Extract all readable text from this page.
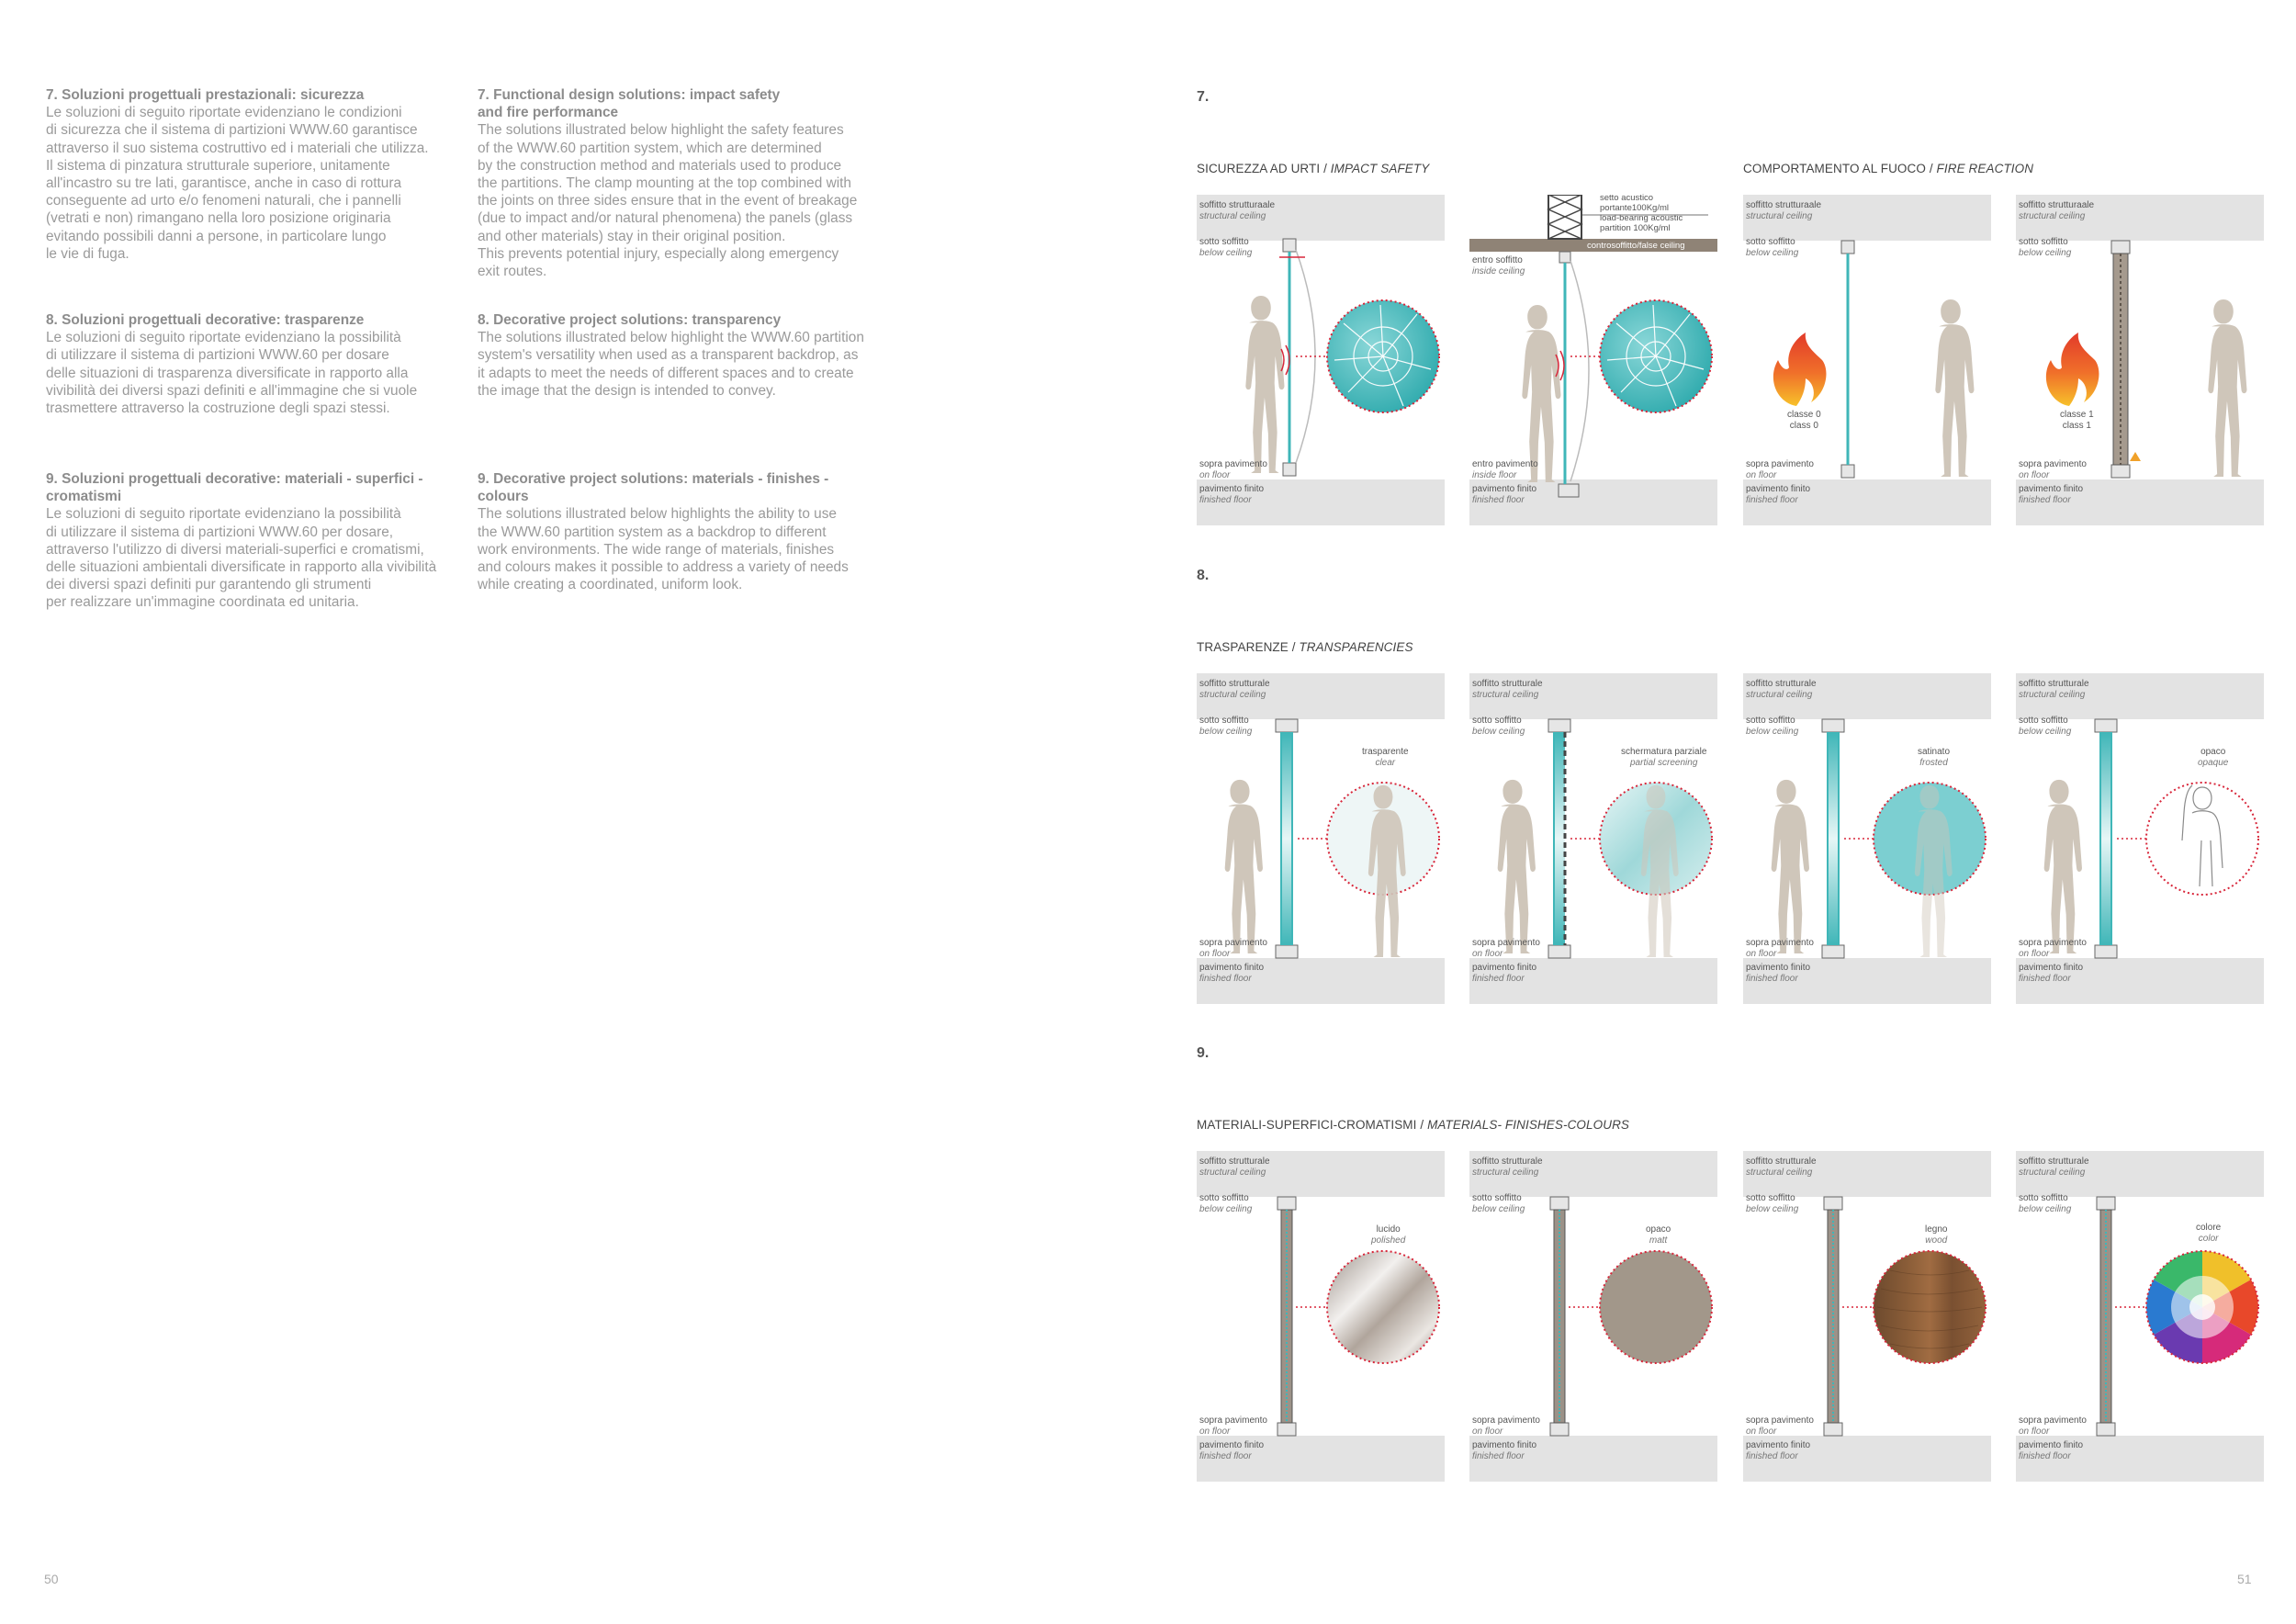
7. Soluzioni progettuali prestazionali: sicurezza

Le soluzioni di seguito riportate evidenziano le condizioni
di sicurezza che il sistema di partizioni WWW.60 garantisce
attraverso il suo sistema costruttivo ed i materiali che utilizza.
Il sistema di pinzatura strutturale superiore, unitamente
all'incastro su tre lati, garantisce, anche in caso di rottura
conseguente ad urto e/o fenomeni naturali, che i pannelli
(vetrati e non) rimangano nella loro posizione originaria
evitando possibili danni a persone, in particolare lungo
le vie di fuga.

8. Soluzioni progettuali decorative: trasparenze

Le soluzioni di seguito riportate evidenziano la possibilità
di utilizzare il sistema di partizioni WWW.60 per dosare
delle situazioni di trasparenza diversificate in rapporto alla
vivibilità dei diversi spazi definiti e all'immagine che si vuole
trasmettere attraverso la costruzione degli spazi stessi.

9. Soluzioni progettuali decorative: materiali - superfici -
cromatismi

Le soluzioni di seguito riportate evidenziano la possibilità
di utilizzare il sistema di partizioni WWW.60 per dosare,
attraverso l'utilizzo di diversi materiali-superfici e cromatismi,
delle situazioni ambientali diversificate in rapporto alla vivibilità
dei diversi spazi definiti pur garantendo gli strumenti
per realizzare un'immagine coordinata ed unitaria.

7. Functional design solutions: impact safety
and fire performance

The solutions illustrated below highlight the safety features
of the WWW.60 partition system, which are determined
by the construction method and materials used to produce
the partitions. The clamp mounting at the top combined with
the joints on three sides ensure that in the event of breakage
(due to impact and/or natural phenomena) the panels (glass
and other materials) stay in their original position.
This prevents potential injury, especially along emergency
exit routes.

8. Decorative project solutions: transparency

The solutions illustrated below highlight the WWW.60 partition
system's versatility when used as a transparent backdrop, as
it adapts to meet the needs of different spaces and to create
the image that the design is intended to convey.

9. Decorative project solutions: materials - finishes -
colours

The solutions illustrated below highlights the ability to use
the WWW.60 partition system as a backdrop to different
work environments. The wide range of materials, finishes
and colours makes it possible to address a variety of needs
while creating a coordinated, uniform look.

50	51
7.
SICUREZZA AD URTI / IMPACT SAFETY	COMPORTAMENTO AL FUOCO / FIRE REACTION
8.
TRASPARENZE / TRANSPARENCIES
9.
MATERIALI-SUPERFICI-CROMATISMI / MATERIALS- FINISHES-COLOURS
soffitto strutturaale
structural ceiling
sotto soffitto
below ceiling
sopra pavimento
on floor
pavimento finito
finished floor
setto acustico
portante100Kg/ml
load-bearing acoustic
partition 100Kg/ml
controsoffitto/false ceiling
entro soffitto
inside ceiling
entro pavimento
inside floor
pavimento finito
finished floor
classe 0
class 0
soffitto strutturaale
structural ceiling
sotto soffitto
below ceiling
sopra pavimento
on floor
pavimento finito
finished floor
classe 1
class 1
soffitto strutturaale
structural ceiling
sotto soffitto
below ceiling
sopra pavimento
on floor
pavimento finito
finished floor
trasparente
clear
soffitto strutturale
structural ceiling
sotto soffitto
below ceiling
sopra pavimento
on floor
pavimento finito
finished floor
schermatura parziale
partial screening
soffitto strutturale
structural ceiling
sotto soffitto
below ceiling
sopra pavimento
on floor
pavimento finito
finished floor
satinato
frosted
soffitto strutturale
structural ceiling
sotto soffitto
below ceiling
sopra pavimento
on floor
pavimento finito
finished floor
opaco
opaque
soffitto strutturale
structural ceiling
sotto soffitto
below ceiling
sopra pavimento
on floor
pavimento finito
finished floor
lucido
polished
soffitto strutturale
structural ceiling
sotto soffitto
below ceiling
sopra pavimento
on floor
pavimento finito
finished floor
opaco
matt
soffitto strutturale
structural ceiling
sotto soffitto
below ceiling
sopra pavimento
on floor
pavimento finito
finished floor
legno
wood
soffitto strutturale
structural ceiling
sotto soffitto
below ceiling
sopra pavimento
on floor
pavimento finito
finished floor
colore
color
soffitto strutturale
structural ceiling
sotto soffitto
below ceiling
sopra pavimento
on floor
pavimento finito
finished floor
